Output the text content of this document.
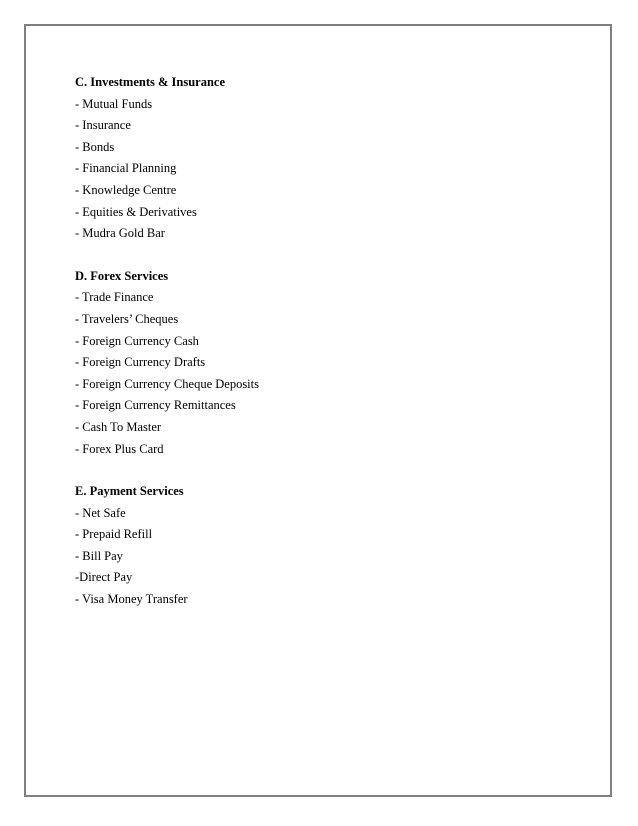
C. Investments & Insurance
- Mutual Funds
- Insurance
- Bonds
- Financial Planning
- Knowledge Centre
- Equities & Derivatives
- Mudra Gold Bar
D. Forex Services
- Trade Finance
- Travelers’ Cheques
- Foreign Currency Cash
- Foreign Currency Drafts
- Foreign Currency Cheque Deposits
- Foreign Currency Remittances
- Cash To Master
- Forex Plus Card
E. Payment Services
- Net Safe
- Prepaid Refill
- Bill Pay
-Direct Pay
- Visa Money Transfer
